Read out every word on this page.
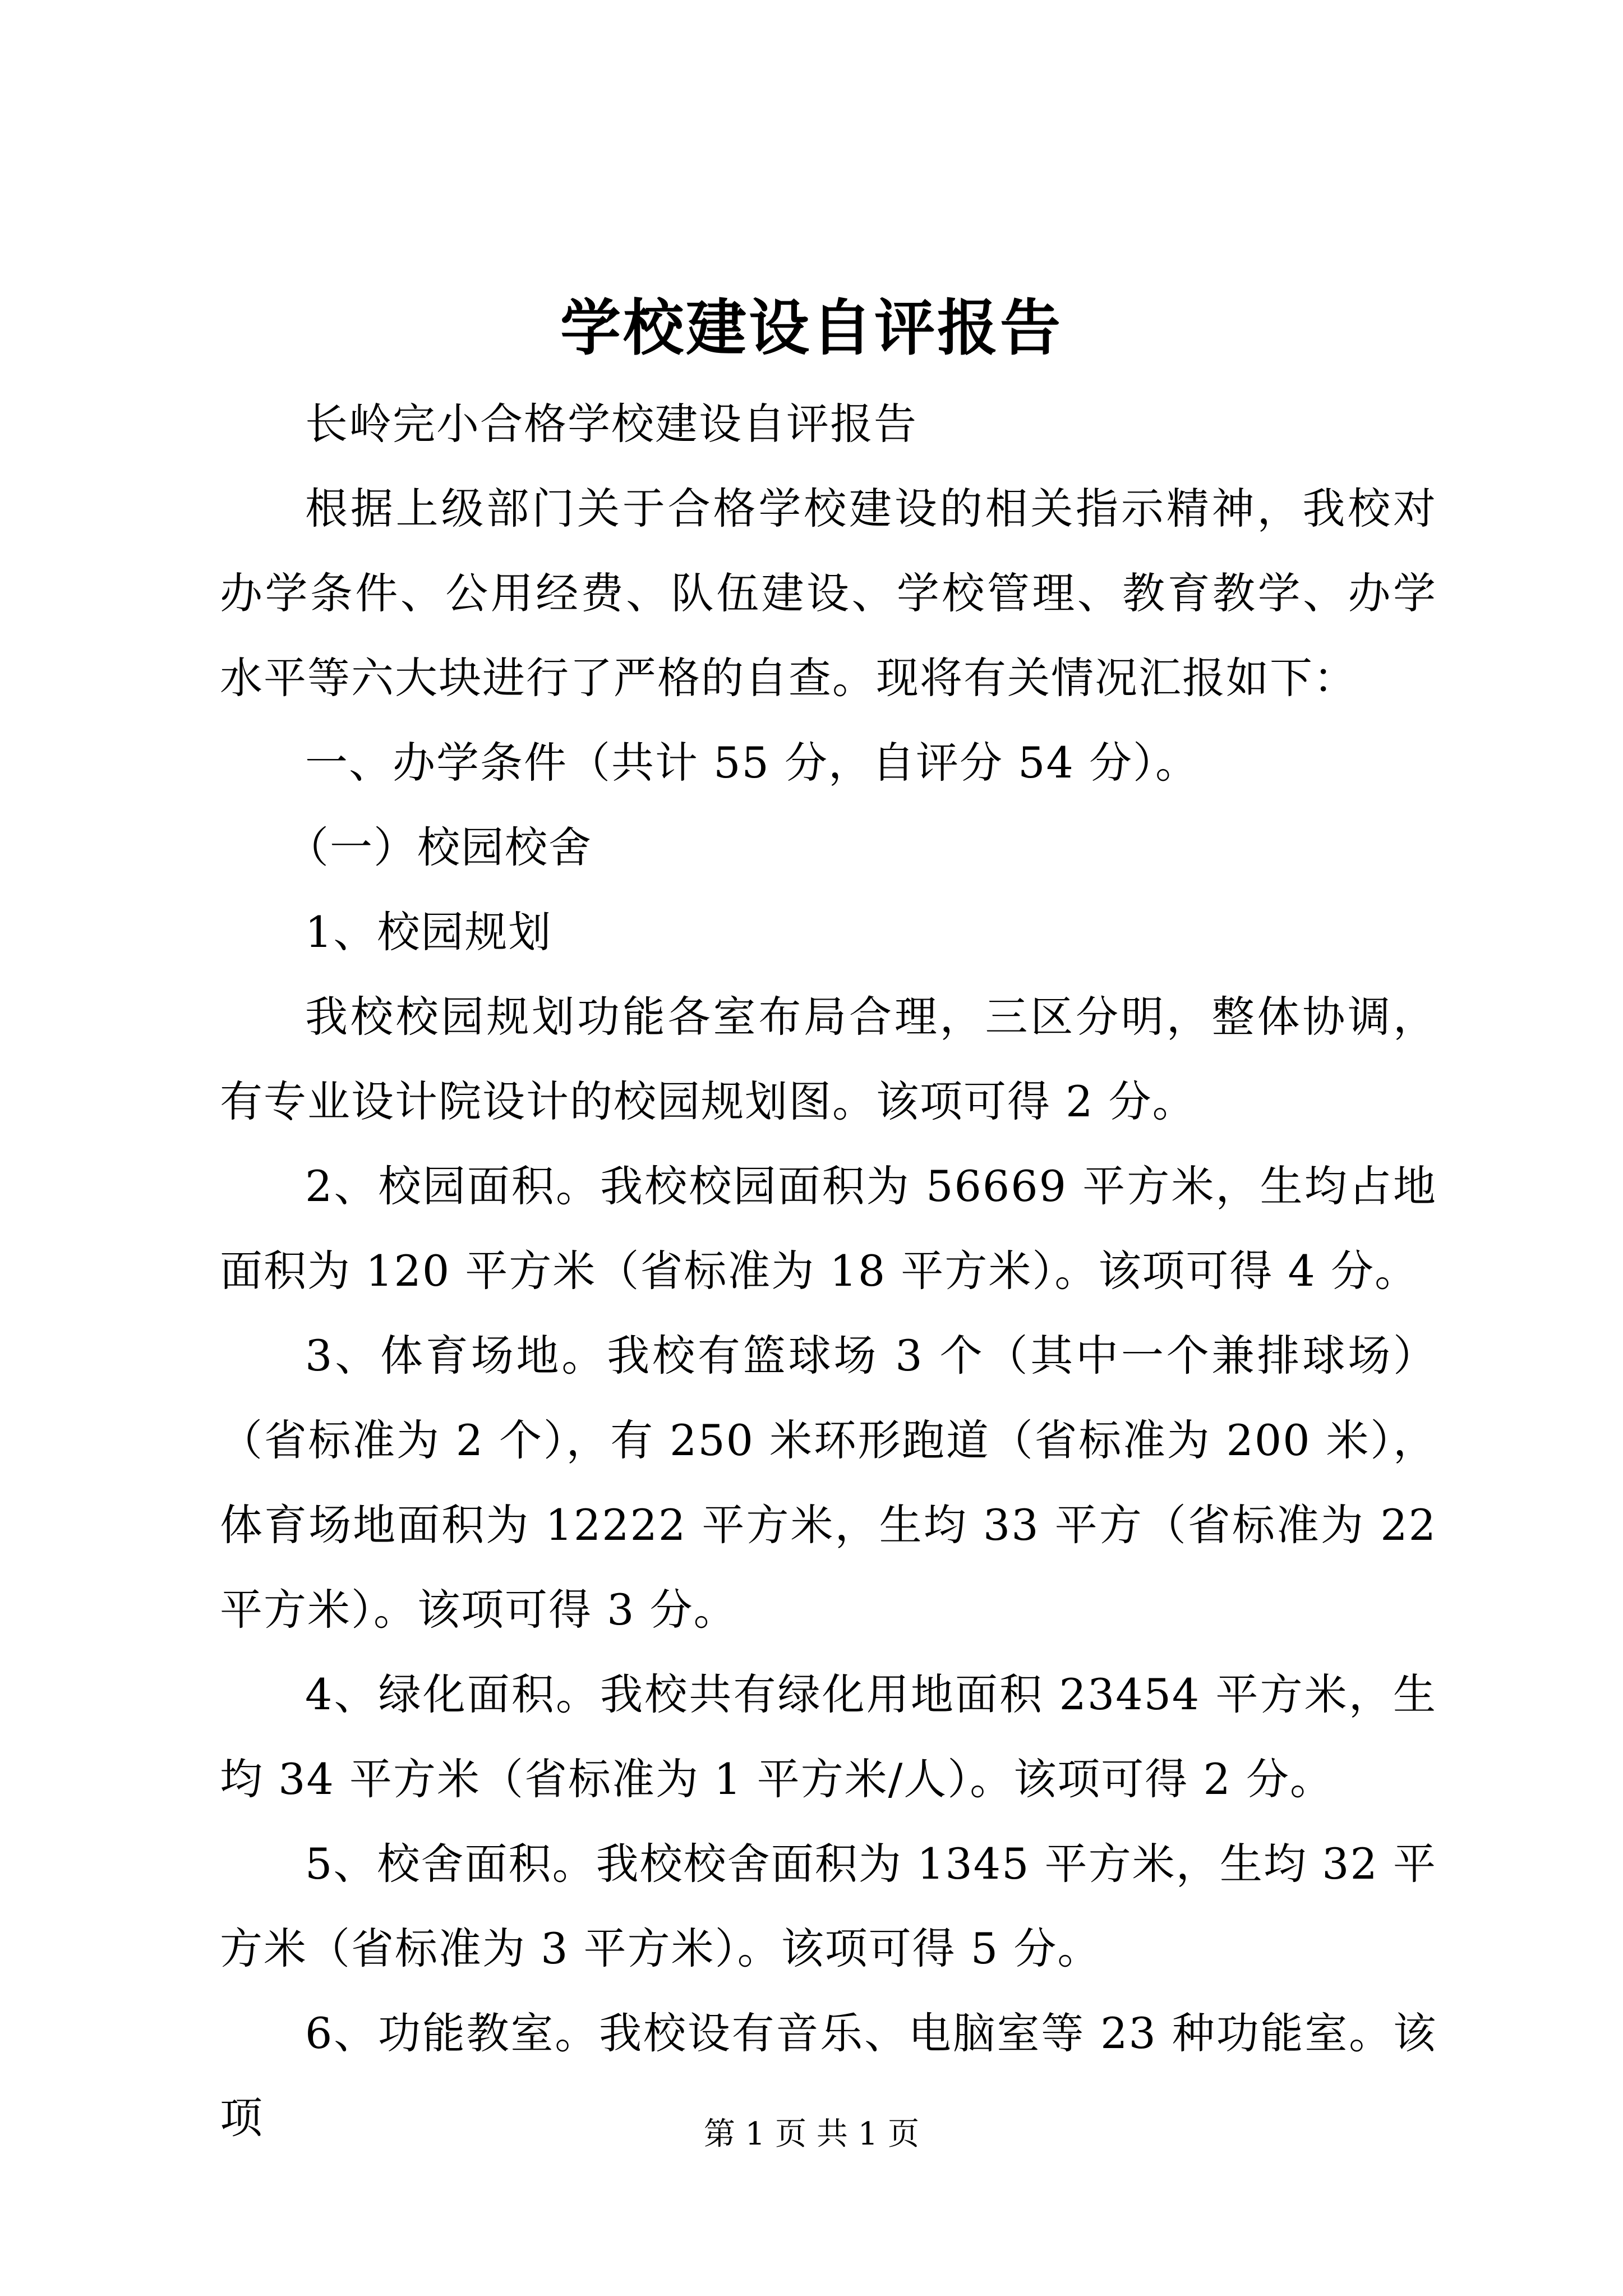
学校建设自评报告

长岭完小合格学校建设自评报告

根据上级部门关于合格学校建设的相关指示精神，我校对办学条件、公用经费、队伍建设、学校管理、教育教学、办学水平等六大块进行了严格的自查。现将有关情况汇报如下：

一、办学条件（共计 55 分，自评分 54 分）。

（一）校园校舍

1、校园规划

我校校园规划功能各室布局合理，三区分明，整体协调，有专业设计院设计的校园规划图。该项可得 2 分。

2、校园面积。我校校园面积为 56669 平方米，生均占地面积为 120 平方米（省标准为 18 平方米）。该项可得 4 分。

3、体育场地。我校有篮球场 3 个（其中一个兼排球场）（省标准为 2 个），有 250 米环形跑道（省标准为 200 米），体育场地面积为 12222 平方米，生均 33 平方（省标准为 22 平方米）。该项可得 3 分。

4、绿化面积。我校共有绿化用地面积 23454 平方米，生均 34 平方米（省标准为 1 平方米/人）。该项可得 2 分。

5、校舍面积。我校校舍面积为 1345 平方米，生均 32 平方米（省标准为 3 平方米）。该项可得 5 分。

6、功能教室。我校设有音乐、电脑室等 23 种功能室。该项	第 1 页 共 1 页
